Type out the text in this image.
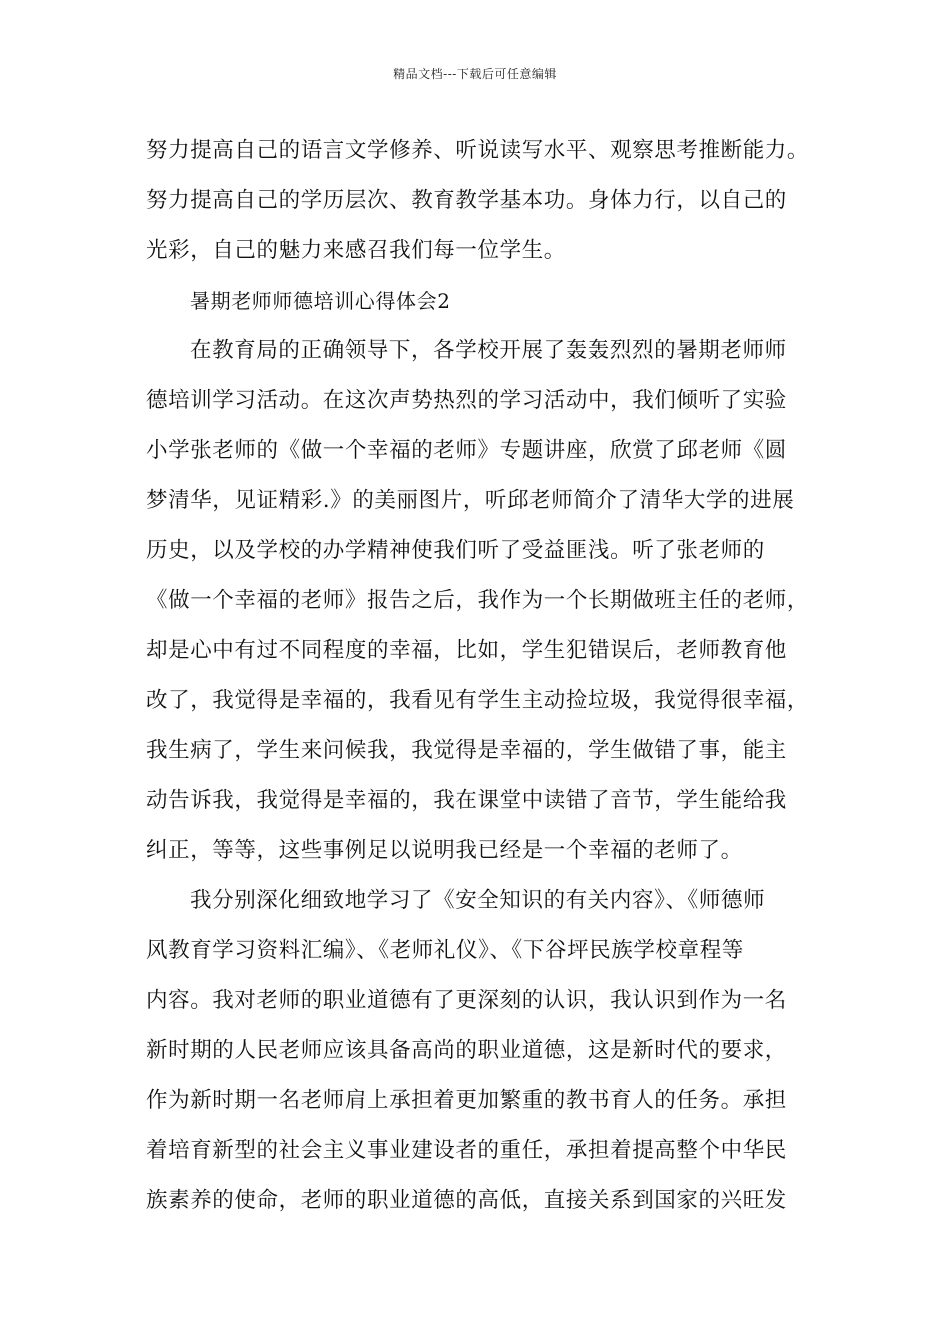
精品文档---下载后可任意编辑
努力提高自己的语言文学修养、听说读写水平、观察思考推断能力。
努力提高自己的学历层次、教育教学基本功。身体力行，以自己的
光彩，自己的魅力来感召我们每一位学生。
暑期老师师德培训心得体会2
在教育局的正确领导下，各学校开展了轰轰烈烈的暑期老师师
德培训学习活动。在这次声势热烈的学习活动中，我们倾听了实验
小学张老师的《做一个幸福的老师》专题讲座，欣赏了邱老师《圆
梦清华，见证精彩.》的美丽图片，听邱老师简介了清华大学的进展
历史，以及学校的办学精神使我们听了受益匪浅。听了张老师的
《做一个幸福的老师》报告之后，我作为一个长期做班主任的老师，
却是心中有过不同程度的幸福，比如，学生犯错误后，老师教育他
改了，我觉得是幸福的，我看见有学生主动捡垃圾，我觉得很幸福，
我生病了，学生来问候我，我觉得是幸福的，学生做错了事，能主
动告诉我，我觉得是幸福的，我在课堂中读错了音节，学生能给我
纠正，等等，这些事例足以说明我已经是一个幸福的老师了。
我分别深化细致地学习了《安全知识的有关内容》、《师德师
风教育学习资料汇编》、《老师礼仪》、《下谷坪民族学校章程等
内容。我对老师的职业道德有了更深刻的认识，我认识到作为一名
新时期的人民老师应该具备高尚的职业道德，这是新时代的要求，
作为新时期一名老师肩上承担着更加繁重的教书育人的任务。承担
着培育新型的社会主义事业建设者的重任，承担着提高整个中华民
族素养的使命，老师的职业道德的高低，直接关系到国家的兴旺发
